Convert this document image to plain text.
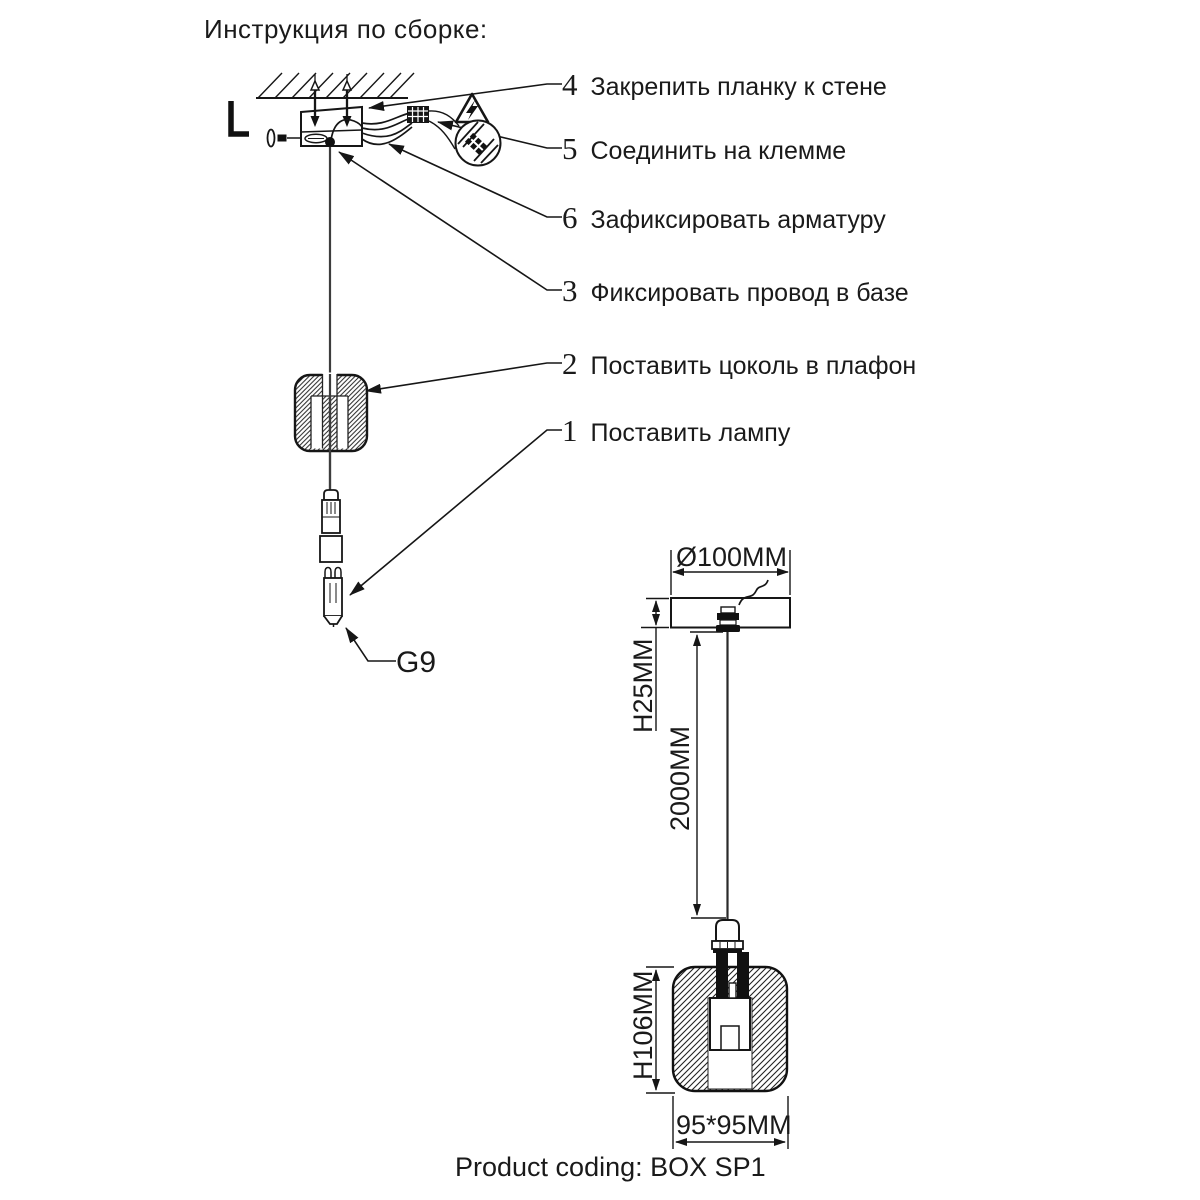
Инструкция по сборке:
4 Закрепить планку к стене
5 Соединить на клемме
6 Зафиксировать арматуру
3 Фиксировать провод в базе
2 Поставить цоколь в плафон
1 Поставить лампу
G9
Ø100MM
H25MM
2000MM
H106MM
95*95MM
Product coding: BOX SP1
